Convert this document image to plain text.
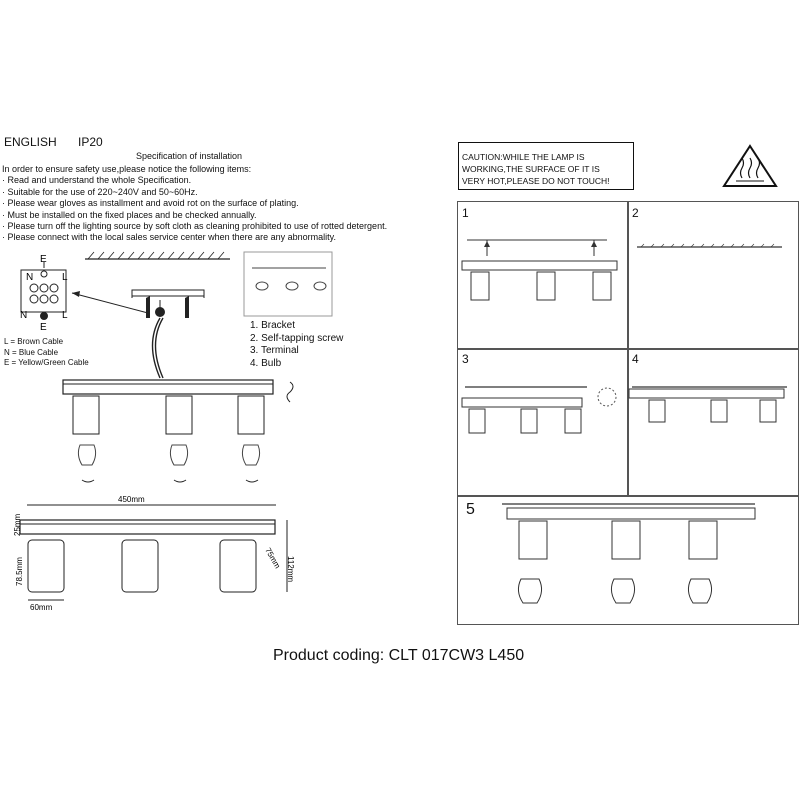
ENGLISH IP20
Specification of installation
In order to ensure safety use,please notice the following items:
· Read and understand the whole Specification.
· Suitable for the use of 220~240V and 50~60Hz.
· Please wear gloves as installment and avoid rot on the surface of plating.
· Must be installed on the fixed places and be checked annually.
· Please turn off the lighting source by soft cloth as cleaning prohibited to use of rotted detergent.
· Please connect with the local sales service center when there are any abnormality.
L = Brown Cable
N = Blue Cable
E = Yellow/Green Cable
1. Bracket
2. Self-tapping screw
3. Terminal
4. Bulb
E
N	L
N	L
E
450mm
25mm
78.5mm
60mm
75mm 112mm
CAUTION:WHILE THE LAMP IS
WORKING,THE SURFACE OF IT IS
VERY HOT,PLEASE DO NOT TOUCH!
1	2
3	4
5
Product coding: CLT 017CW3 L450
